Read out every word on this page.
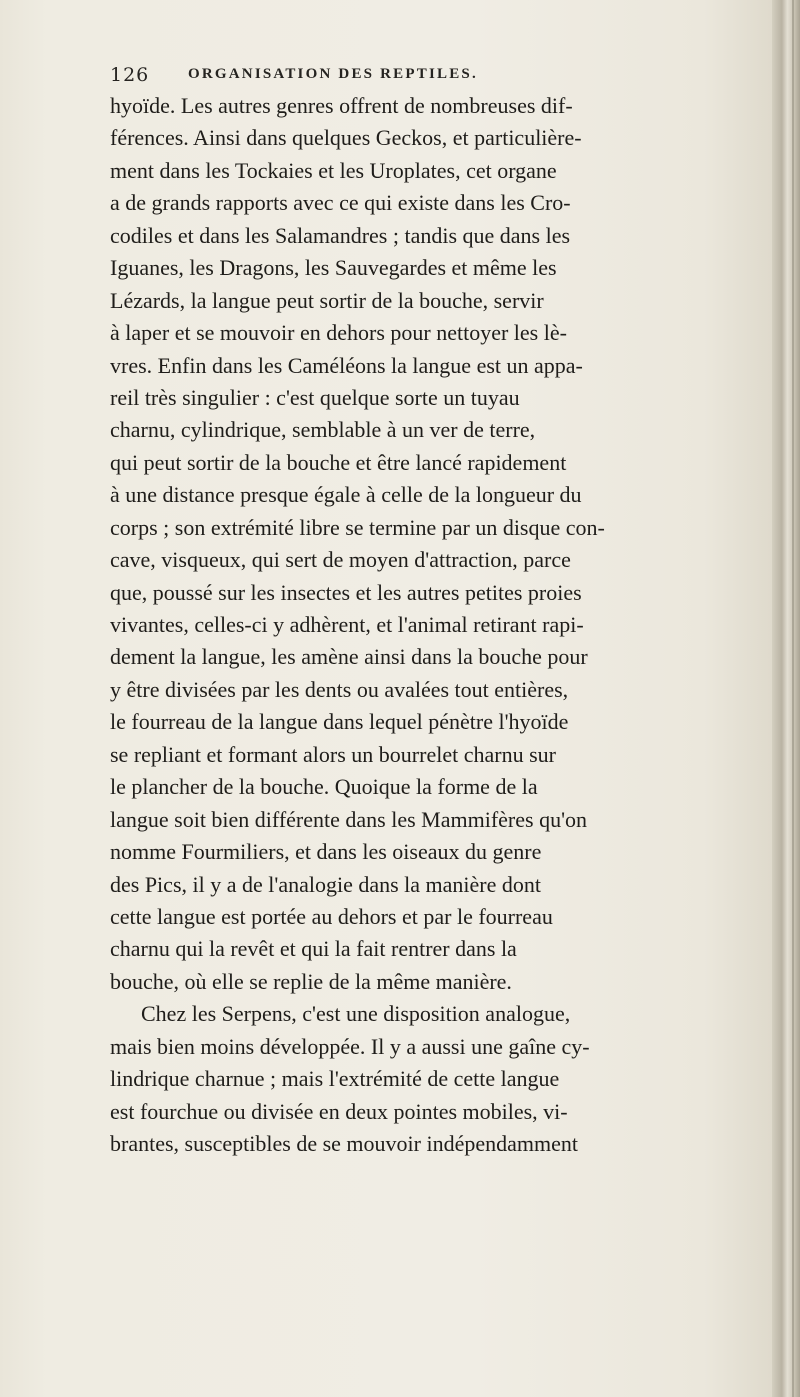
126	ORGANISATION DES REPTILES.
hyoïde. Les autres genres offrent de nombreuses dif-
férences. Ainsi dans quelques Geckos, et particulière-
ment dans les Tockaies et les Uroplates, cet organe
a de grands rapports avec ce qui existe dans les Cro-
codiles et dans les Salamandres ; tandis que dans les
Iguanes, les Dragons, les Sauvegardes et même les
Lézards, la langue peut sortir de la bouche, servir
à laper et se mouvoir en dehors pour nettoyer les lè-
vres. Enfin dans les Caméléons la langue est un appa-
reil très singulier : c'est quelque sorte un tuyau
charnu, cylindrique, semblable à un ver de terre,
qui peut sortir de la bouche et être lancé rapidement
à une distance presque égale à celle de la longueur du
corps ; son extrémité libre se termine par un disque con-
cave, visqueux, qui sert de moyen d'attraction, parce
que, poussé sur les insectes et les autres petites proies
vivantes, celles-ci y adhèrent, et l'animal retirant rapi-
dement la langue, les amène ainsi dans la bouche pour
y être divisées par les dents ou avalées tout entières,
le fourreau de la langue dans lequel pénètre l'hyoïde
se repliant et formant alors un bourrelet charnu sur
le plancher de la bouche. Quoique la forme de la
langue soit bien différente dans les Mammifères qu'on
nomme Fourmiliers, et dans les oiseaux du genre
des Pics, il y a de l'analogie dans la manière dont
cette langue est portée au dehors et par le fourreau
charnu qui la revêt et qui la fait rentrer dans la
bouche, où elle se replie de la même manière.
Chez les Serpens, c'est une disposition analogue,
mais bien moins développée. Il y a aussi une gaîne cy-
lindrique charnue ; mais l'extrémité de cette langue
est fourchue ou divisée en deux pointes mobiles, vi-
brantes, susceptibles de se mouvoir indépendamment
